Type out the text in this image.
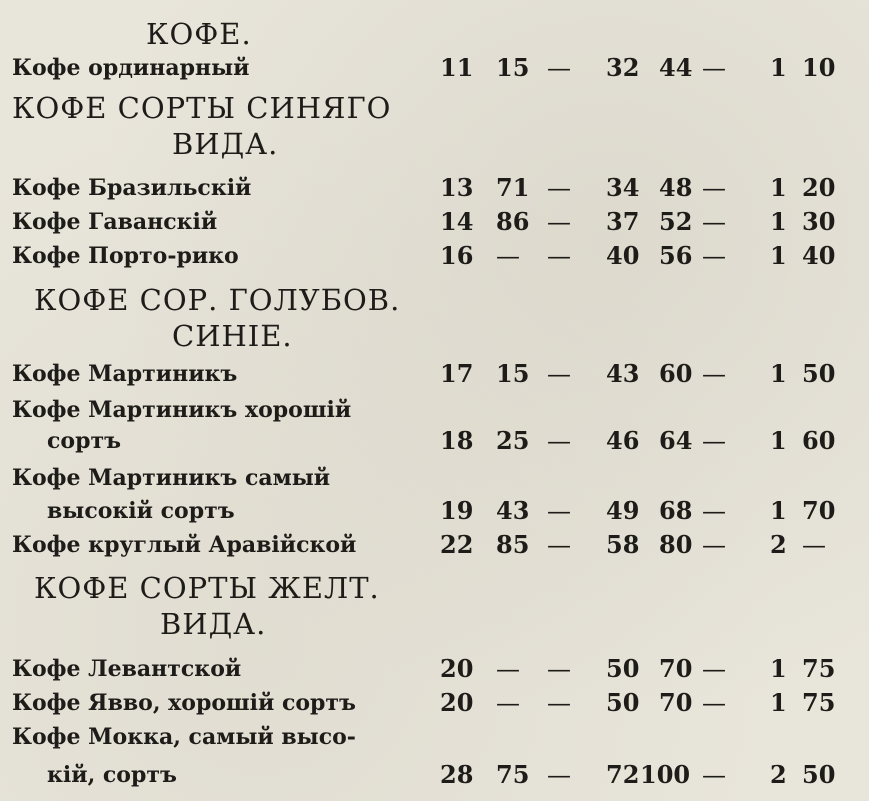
КОФЕ.
Кофе ординарный	11 15 — 32 44 — 1 10
КОФЕ СОРТЫ СИНЯГО
ВИДА.
Кофе Бразильскій	13 71 — 34 48 — 1 20
Кофе Гаванскій	14 86 — 37 52 — 1 30
Кофе Порто-рико	16 — — 40 56 — 1 40
КОФЕ СОР. ГОЛУБОВ.
СИНІЕ.
Кофе Мартиникъ	17 15 — 43 60 — 1 50
Кофе Мартиникъ хорошій
сортъ	18 25 — 46 64 — 1 60
Кофе Мартиникъ самый
высокій сортъ	19 43 — 49 68 — 1 70
Кофе круглый Аравійской	22 85 — 58 80 — 2 —
КОФЕ СОРТЫ ЖЕЛТ.
ВИДА.
Кофе Левантской	20 — — 50 70 — 1 75
Кофе Явво, хорошій сортъ	20 — — 50 70 — 1 75
Кофе Мокка, самый высо-
кій, сортъ	28 75 — 72 100 — 2 50
